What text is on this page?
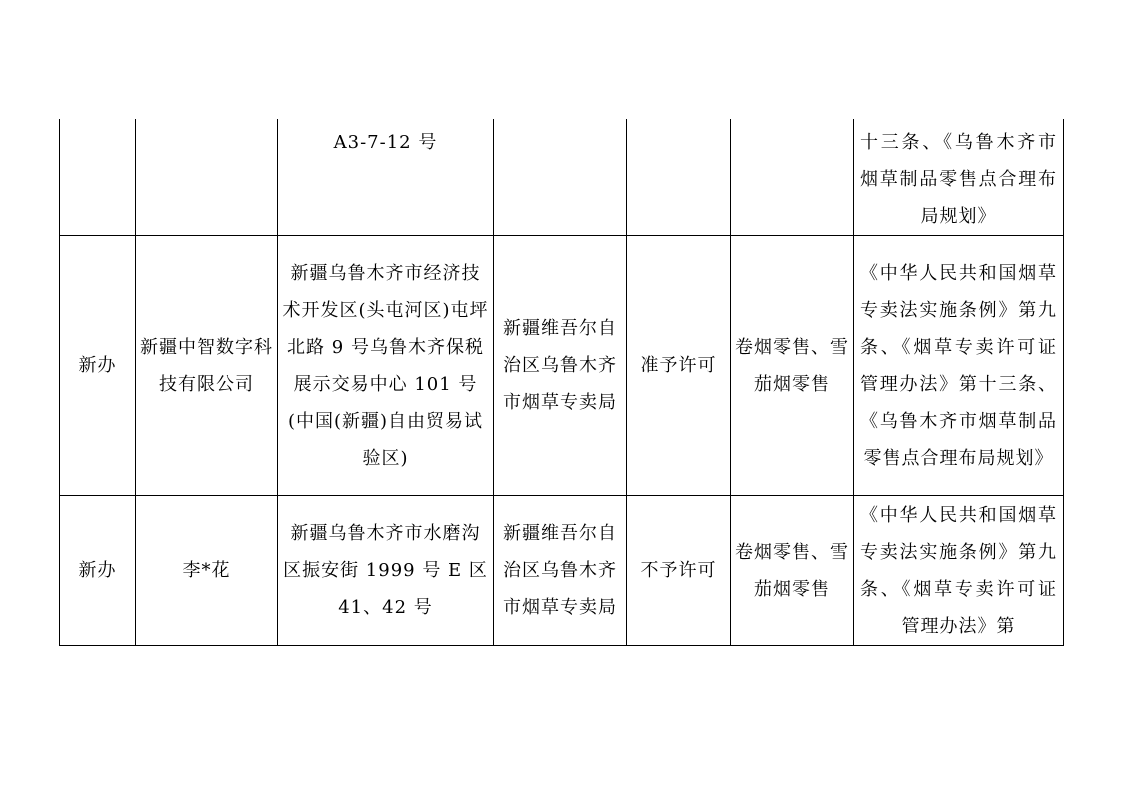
		A3-7-12 号				十三条、《乌鲁木齐市烟草制品零售点合理布局规划》
新办	新疆中智数字科技有限公司	新疆乌鲁木齐市经济技术开发区(头屯河区)屯坪北路 9 号乌鲁木齐保税展示交易中心 101 号(中国(新疆)自由贸易试验区)	新疆维吾尔自治区乌鲁木齐市烟草专卖局	准予许可	卷烟零售、雪茄烟零售	《中华人民共和国烟草专卖法实施条例》第九条、《烟草专卖许可证管理办法》第十三条、《乌鲁木齐市烟草制品零售点合理布局规划》
新办	李*花	新疆乌鲁木齐市水磨沟区振安街 1999 号 E 区 41、42 号	新疆维吾尔自治区乌鲁木齐市烟草专卖局	不予许可	卷烟零售、雪茄烟零售	《中华人民共和国烟草专卖法实施条例》第九条、《烟草专卖许可证管理办法》第
